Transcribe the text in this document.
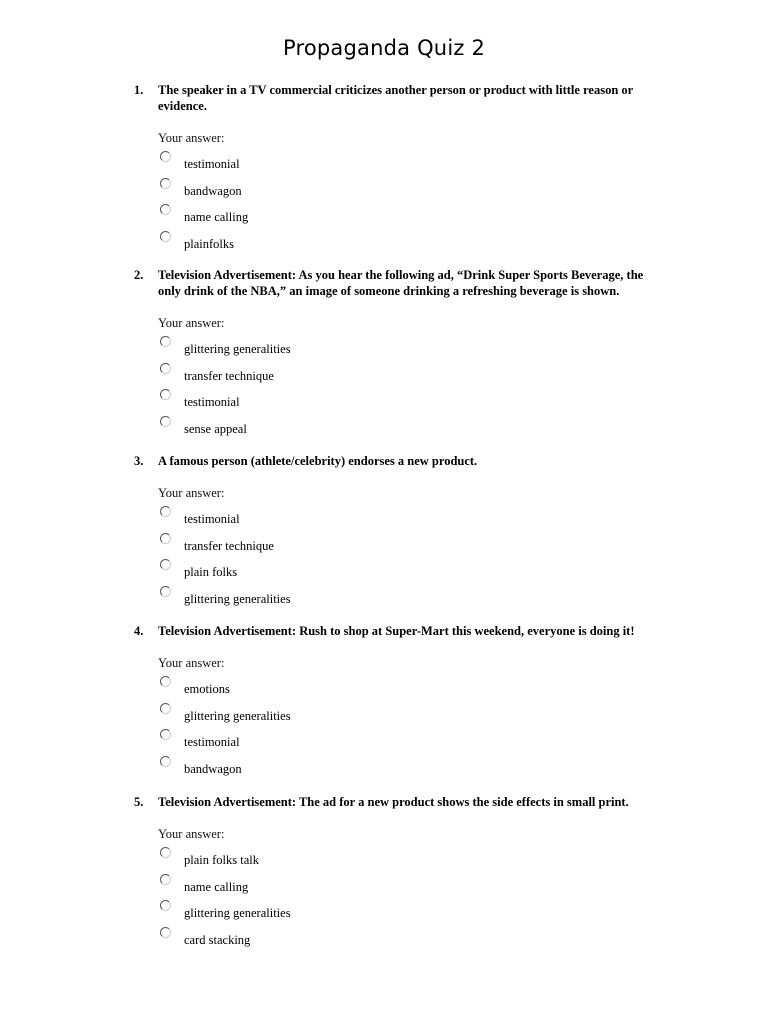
Propaganda Quiz 2
1. The speaker in a TV commercial criticizes another person or product with little reason or evidence.
Your answer:
testimonial
bandwagon
name calling
plainfolks
2. Television Advertisement: As you hear the following ad, “Drink Super Sports Beverage, the only drink of the NBA,” an image of someone drinking a refreshing beverage is shown.
Your answer:
glittering generalities
transfer technique
testimonial
sense appeal
3. A famous person (athlete/celebrity) endorses a new product.
Your answer:
testimonial
transfer technique
plain folks
glittering generalities
4. Television Advertisement: Rush to shop at Super-Mart this weekend, everyone is doing it!
Your answer:
emotions
glittering generalities
testimonial
bandwagon
5. Television Advertisement: The ad for a new product shows the side effects in small print.
Your answer:
plain folks talk
name calling
glittering generalities
card stacking
